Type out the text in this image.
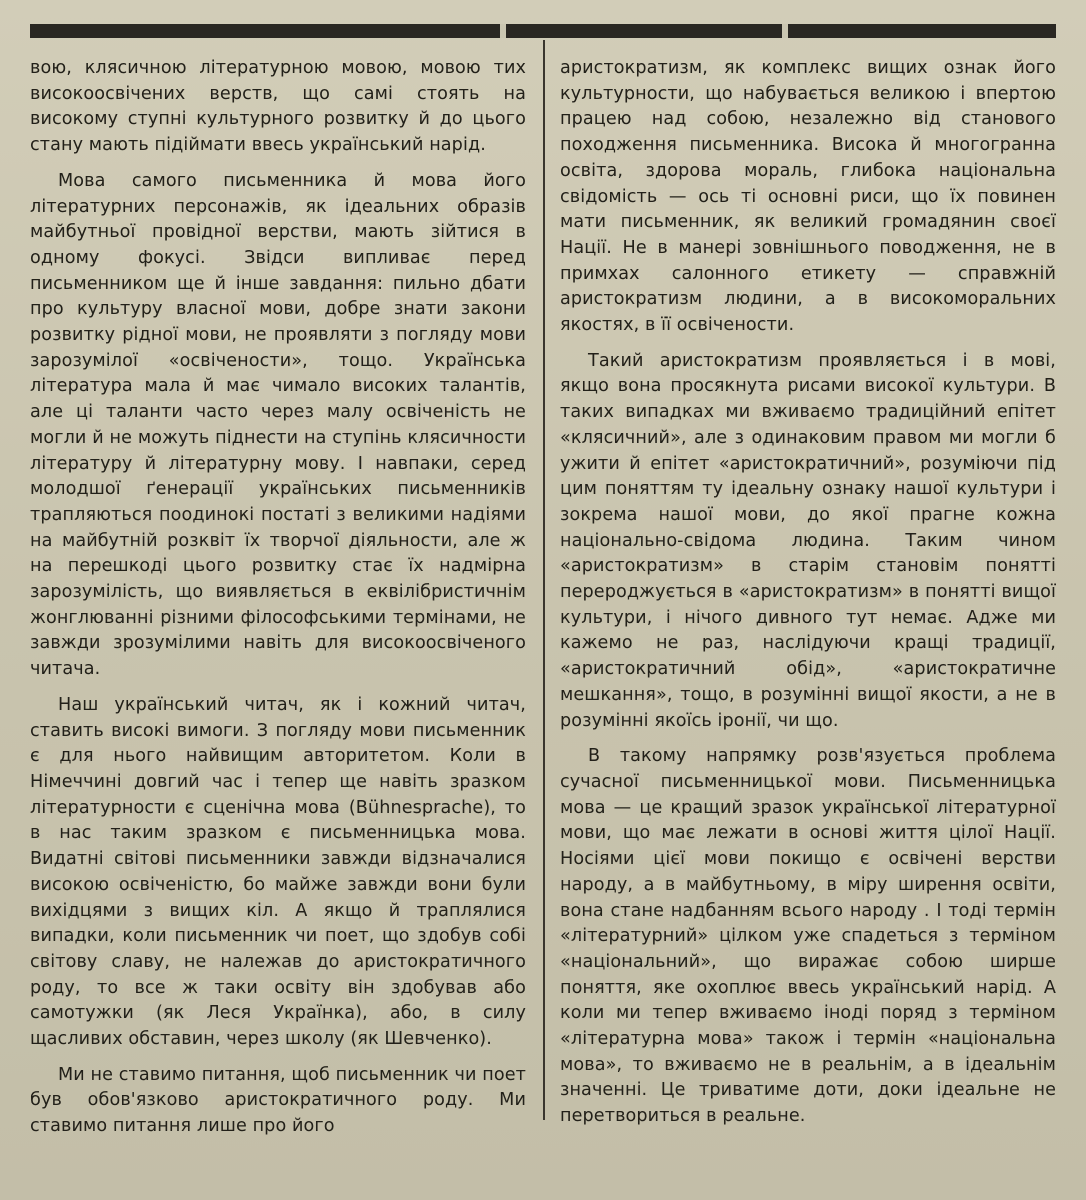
вою, клясичною літературною мовою, мовою тих високоосвічених верств, що самі стоять на високому ступні культурного розвитку й до цього стану мають підіймати ввесь український нарід.

Мова самого письменника й мова його літературних персонажів, як ідеальних образів майбутньої провідної верстви, мають зійтися в одному фокусі. Звідси випливає перед письменником ще й інше завдання: пильно дбати про культуру власної мови, добре знати закони розвитку рідної мови, не проявляти з погляду мови зарозумілої «освічености», тощо. Українська література мала й має чимало високих талантів, але ці таланти часто через малу освіченість не могли й не можуть піднести на ступінь клясичности літературу й літературну мову. І навпаки, серед молодшої ґенерації українських письменників трапляються поодинокі постаті з великими надіями на майбутній розквіт їх творчої діяльности, але ж на перешкоді цього розвитку стає їх надмірна зарозумілість, що виявляється в еквілібристичнім жонглюванні різними філософськими термінами, не завжди зрозумілими навіть для високоосвіченого читача.

Наш український читач, як і кожний читач, ставить високі вимоги. З погляду мови письменник є для нього найвищим авторитетом. Коли в Німеччині довгий час і тепер ще навіть зразком літературности є сценічна мова (Bühnesprache), то в нас таким зразком є письменницька мова. Видатні світові письменники завжди відзначалися високою освіченістю, бо майже завжди вони були вихідцями з вищих кіл. А якщо й траплялися випадки, коли письменник чи поет, що здобув собі світову славу, не належав до аристократичного роду, то все ж таки освіту він здобував або самотужки (як Леся Українка), або, в силу щасливих обставин, через школу (як Шевченко).

Ми не ставимо питання, щоб письменник чи поет був обов'язково аристократичного роду. Ми ставимо питання лише про його

аристократизм, як комплекс вищих ознак його культурности, що набувається великою і впертою працею над собою, незалежно від станового походження письменника. Висока й многогранна освіта, здорова мораль, глибока національна свідомість — ось ті основні риси, що їх повинен мати письменник, як великий громадянин своєї Нації. Не в манері зовнішнього поводження, не в примхах салонного етикету — справжній аристократизм людини, а в високоморальних якостях, в її освічености.

Такий аристократизм проявляється і в мові, якщо вона просякнута рисами високої культури. В таких випадках ми вживаємо традиційний епітет «клясичний», але з одинаковим правом ми могли б ужити й епітет «аристократичний», розуміючи під цим поняттям ту ідеальну ознаку нашої культури і зокрема нашої мови, до якої прагне кожна національно-свідома людина. Таким чином «аристократизм» в старім становім понятті перероджується в «аристократизм» в понятті вищої культури, і нічого дивного тут немає. Адже ми кажемо не раз, наслідуючи кращі традиції, «аристократичний обід», «аристократичне мешкання», тощо, в розумінні вищої якости, а не в розумінні якоїсь іронії, чи що.

В такому напрямку розв'язується проблема сучасної письменницької мови. Письменницька мова — це кращий зразок української літературної мови, що має лежати в основі життя цілої Нації. Носіями цієї мови покищо є освічені верстви народу, а в майбутньому, в міру ширення освіти, вона стане надбанням всього народу . І тоді термін «літературний» цілком уже спадеться з терміном «національний», що виражає собою ширше поняття, яке охоплює ввесь український нарід. А коли ми тепер вживаємо іноді поряд з терміном «літературна мова» також і термін «національна мова», то вживаємо не в реальнім, а в ідеальнім значенні. Це триватиме доти, доки ідеальне не перетвориться в реальне.
